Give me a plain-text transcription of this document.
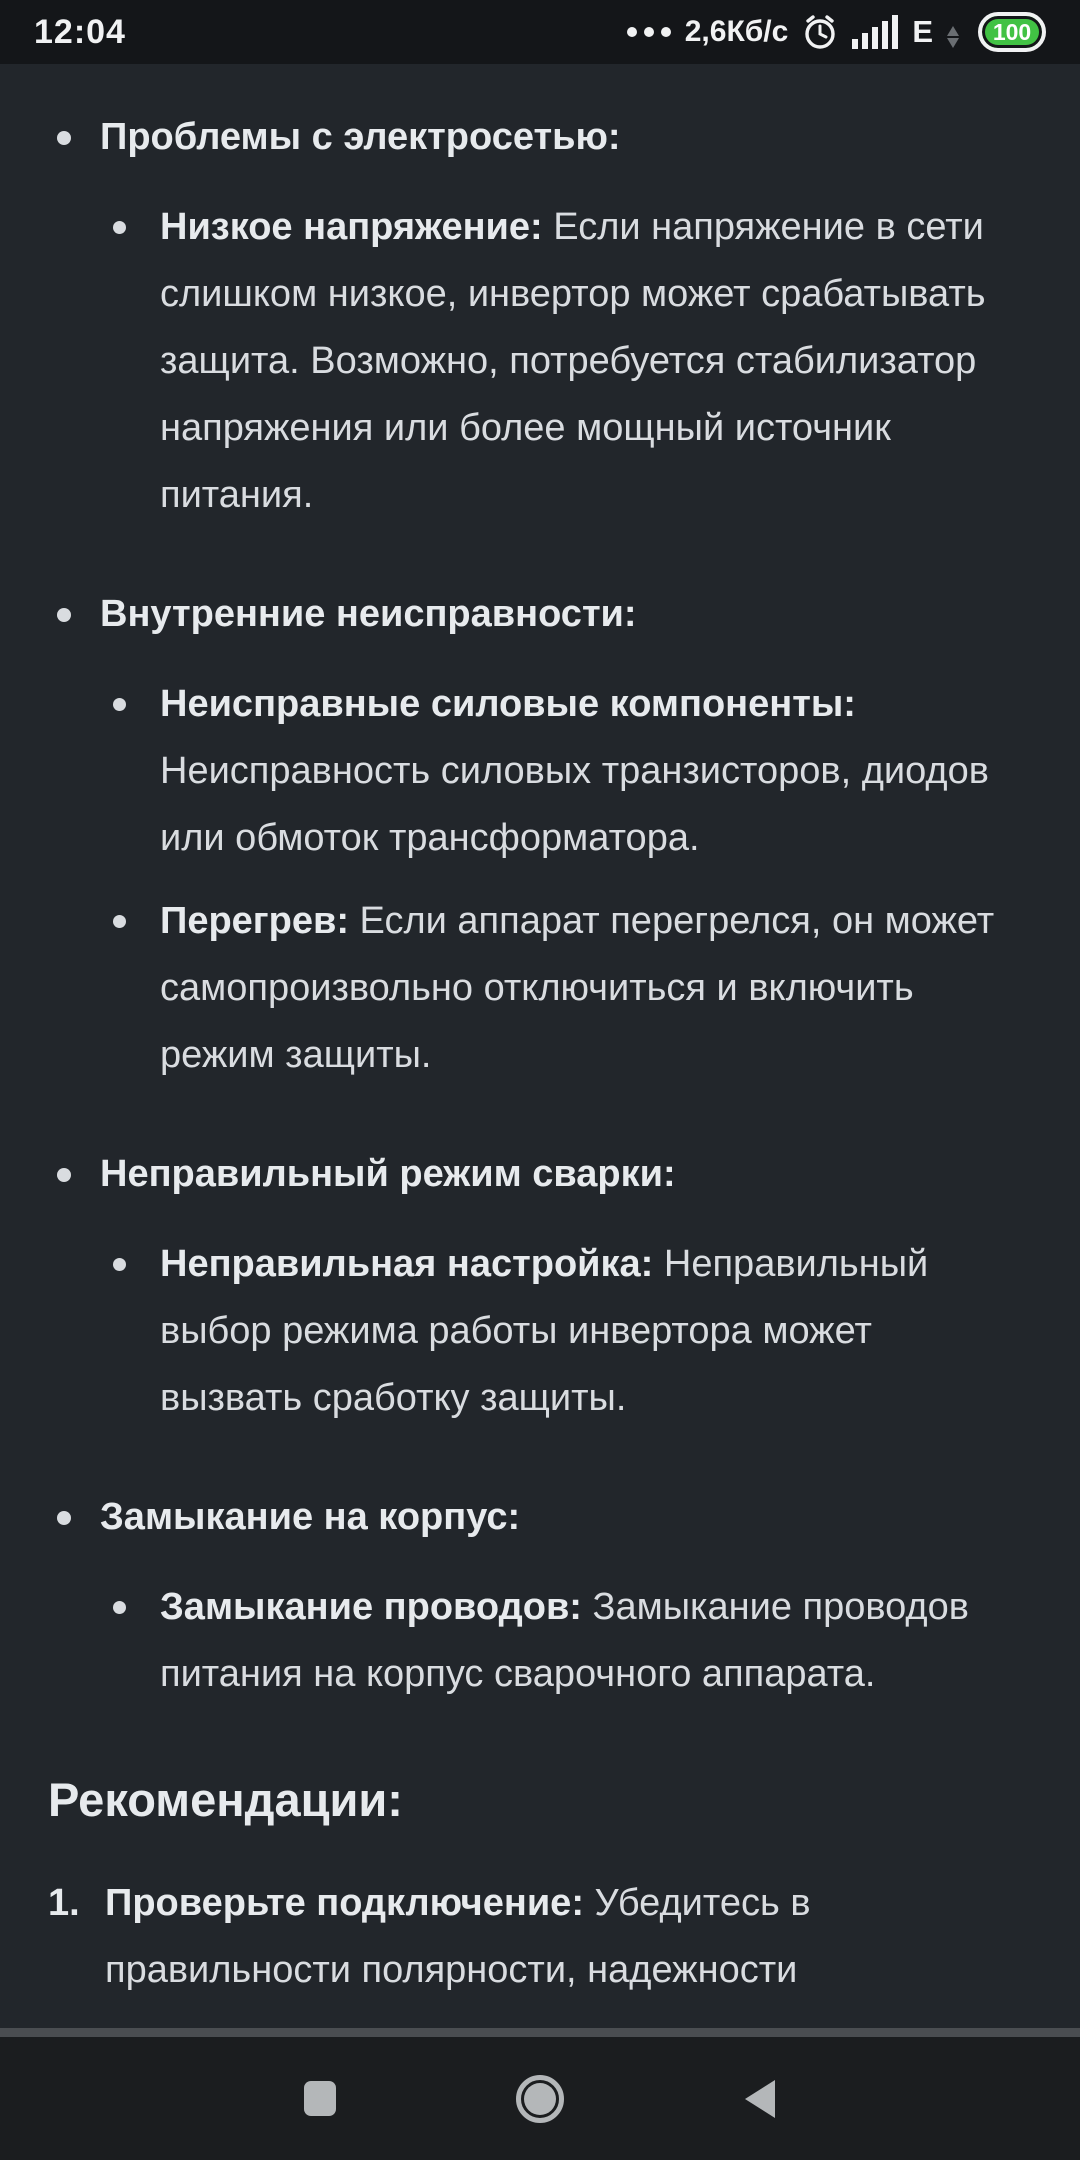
12:04	2,6Кб/с	E	100
Проблемы с электросетью:
Низкое напряжение: Если напряжение в сети слишком низкое, инвертор может срабатывать защита. Возможно, потребуется стабилизатор напряжения или более мощный источник питания.
Внутренние неисправности:
Неисправные силовые компоненты: Неисправность силовых транзисторов, диодов или обмоток трансформатора.
Перегрев: Если аппарат перегрелся, он может самопроизвольно отключиться и включить режим защиты.
Неправильный режим сварки:
Неправильная настройка: Неправильный выбор режима работы инвертора может вызвать сработку защиты.
Замыкание на корпус:
Замыкание проводов: Замыкание проводов питания на корпус сварочного аппарата.
Рекомендации:
1. Проверьте подключение: Убедитесь в правильности полярности, надежности
